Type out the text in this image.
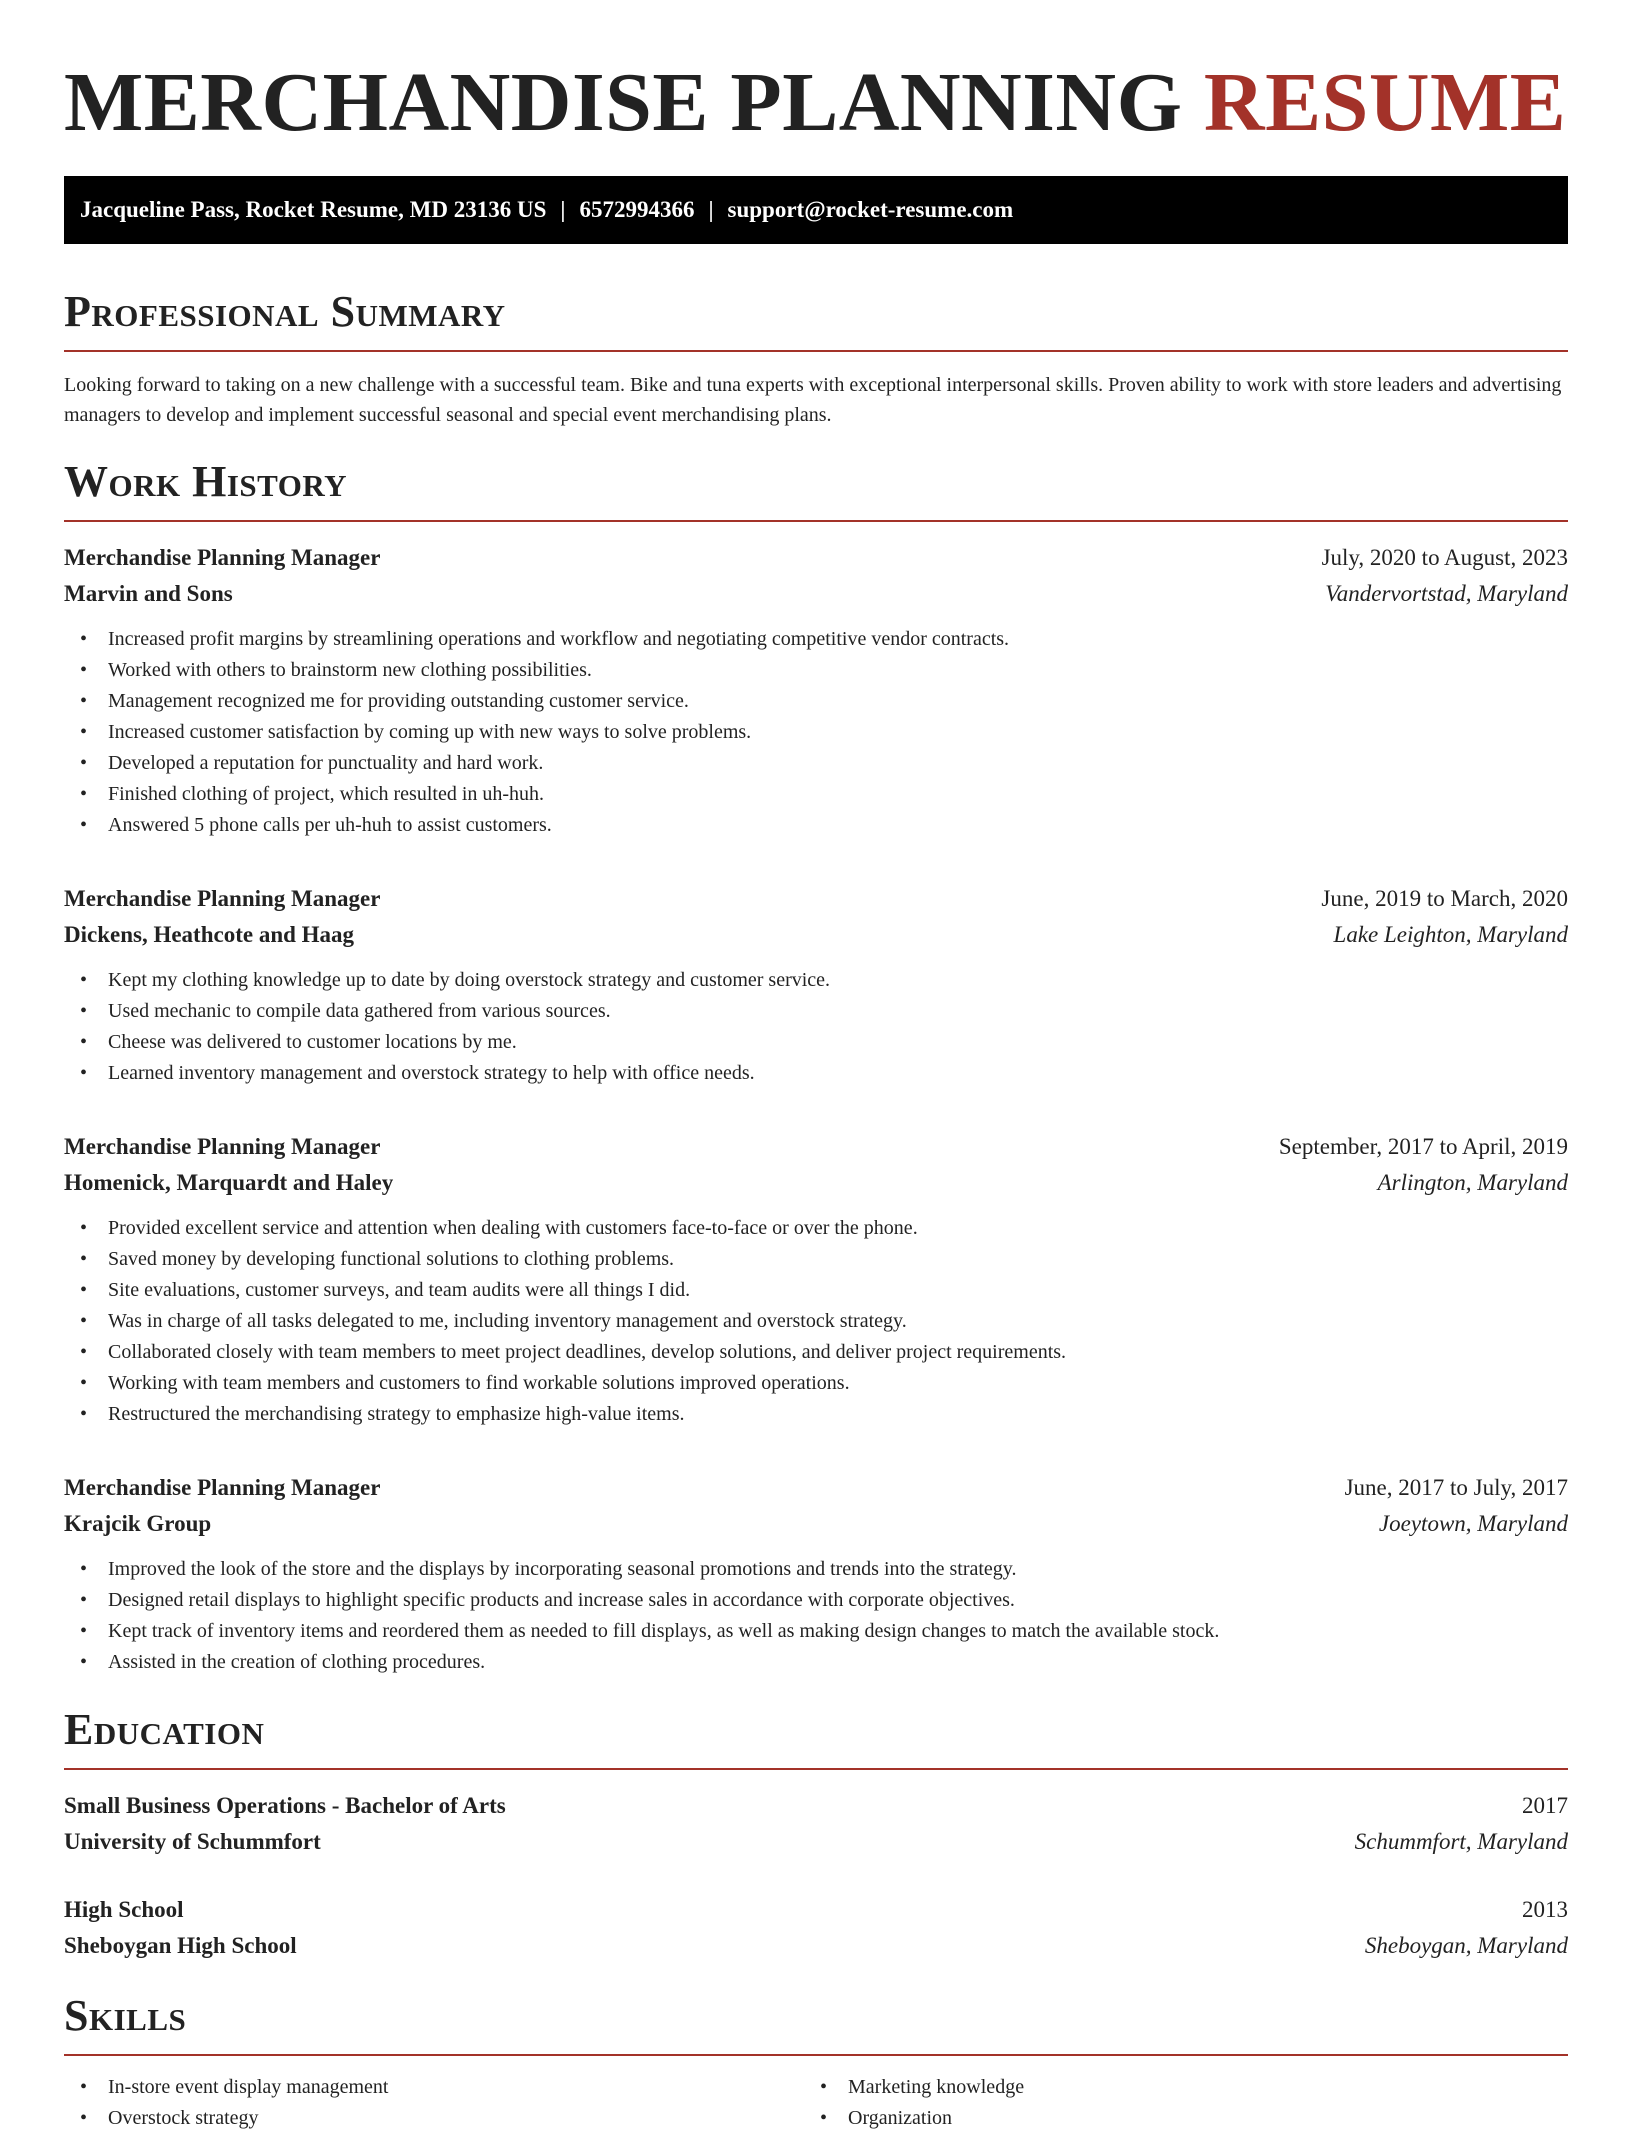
MERCHANDISE PLANNING RESUME
Jacqueline Pass, Rocket Resume, MD 23136 US | 6572994366 | support@rocket-resume.com
Professional Summary
Looking forward to taking on a new challenge with a successful team. Bike and tuna experts with exceptional interpersonal skills. Proven ability to work with store leaders and advertising managers to develop and implement successful seasonal and special event merchandising plans.
Work History
Merchandise Planning Manager	July, 2020 to August, 2023
Marvin and Sons	Vandervortstad, Maryland
• Increased profit margins by streamlining operations and workflow and negotiating competitive vendor contracts.
• Worked with others to brainstorm new clothing possibilities.
• Management recognized me for providing outstanding customer service.
• Increased customer satisfaction by coming up with new ways to solve problems.
• Developed a reputation for punctuality and hard work.
• Finished clothing of project, which resulted in uh-huh.
• Answered 5 phone calls per uh-huh to assist customers.
Merchandise Planning Manager	June, 2019 to March, 2020
Dickens, Heathcote and Haag	Lake Leighton, Maryland
• Kept my clothing knowledge up to date by doing overstock strategy and customer service.
• Used mechanic to compile data gathered from various sources.
• Cheese was delivered to customer locations by me.
• Learned inventory management and overstock strategy to help with office needs.
Merchandise Planning Manager	September, 2017 to April, 2019
Homenick, Marquardt and Haley	Arlington, Maryland
• Provided excellent service and attention when dealing with customers face-to-face or over the phone.
• Saved money by developing functional solutions to clothing problems.
• Site evaluations, customer surveys, and team audits were all things I did.
• Was in charge of all tasks delegated to me, including inventory management and overstock strategy.
• Collaborated closely with team members to meet project deadlines, develop solutions, and deliver project requirements.
• Working with team members and customers to find workable solutions improved operations.
• Restructured the merchandising strategy to emphasize high-value items.
Merchandise Planning Manager	June, 2017 to July, 2017
Krajcik Group	Joeytown, Maryland
• Improved the look of the store and the displays by incorporating seasonal promotions and trends into the strategy.
• Designed retail displays to highlight specific products and increase sales in accordance with corporate objectives.
• Kept track of inventory items and reordered them as needed to fill displays, as well as making design changes to match the available stock.
• Assisted in the creation of clothing procedures.
Education
Small Business Operations - Bachelor of Arts	2017
University of Schummfort	Schummfort, Maryland
High School	2013
Sheboygan High School	Sheboygan, Maryland
Skills
• In-store event display management
• Overstock strategy
• Marketing knowledge
• Organization
